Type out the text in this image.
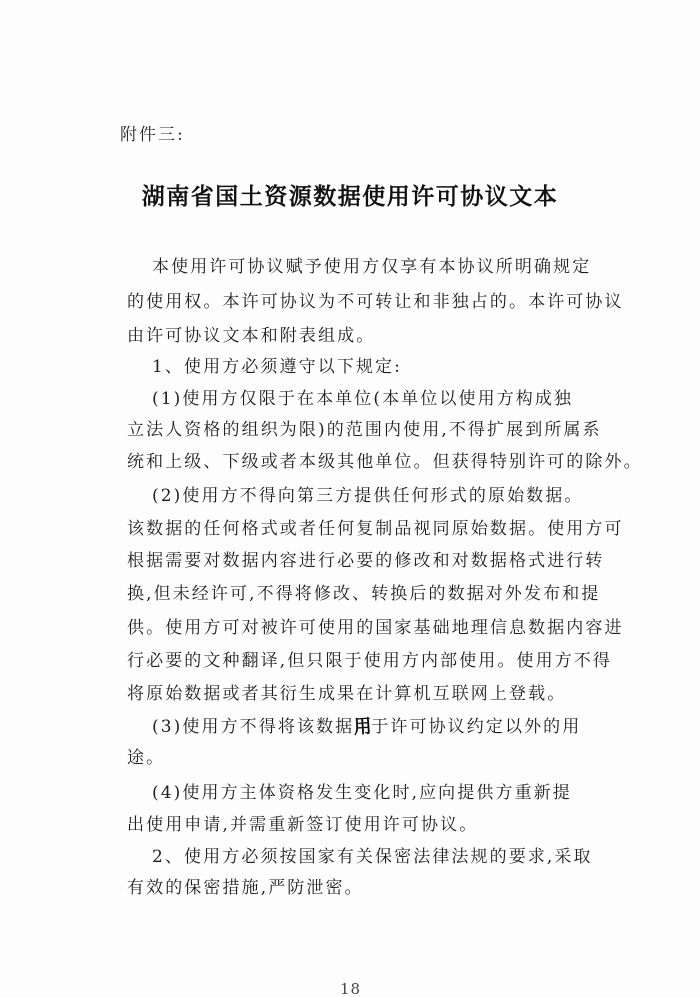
附件三:
湖南省国土资源数据使用许可协议文本
本使用许可协议赋予使用方仅享有本协议所明确规定
的使用权。本许可协议为不可转让和非独占的。本许可协议
由许可协议文本和附表组成。
1、使用方必须遵守以下规定:
(1)使用方仅限于在本单位(本单位以使用方构成独
立法人资格的组织为限)的范围内使用,不得扩展到所属系
统和上级、下级或者本级其他单位。但获得特别许可的除外。
(2)使用方不得向第三方提供任何形式的原始数据。
该数据的任何格式或者任何复制品视同原始数据。使用方可
根据需要对数据内容进行必要的修改和对数据格式进行转
换,但未经许可,不得将修改、转换后的数据对外发布和提
供。使用方可对被许可使用的国家基础地理信息数据内容进
行必要的文种翻译,但只限于使用方内部使用。使用方不得
将原始数据或者其衍生成果在计算机互联网上登载。
(3)使用方不得将该数据用于许可协议约定以外的用
途。
(4)使用方主体资格发生变化时,应向提供方重新提
出使用申请,并需重新签订使用许可协议。
2、使用方必须按国家有关保密法律法规的要求,采取
有效的保密措施,严防泄密。
18
